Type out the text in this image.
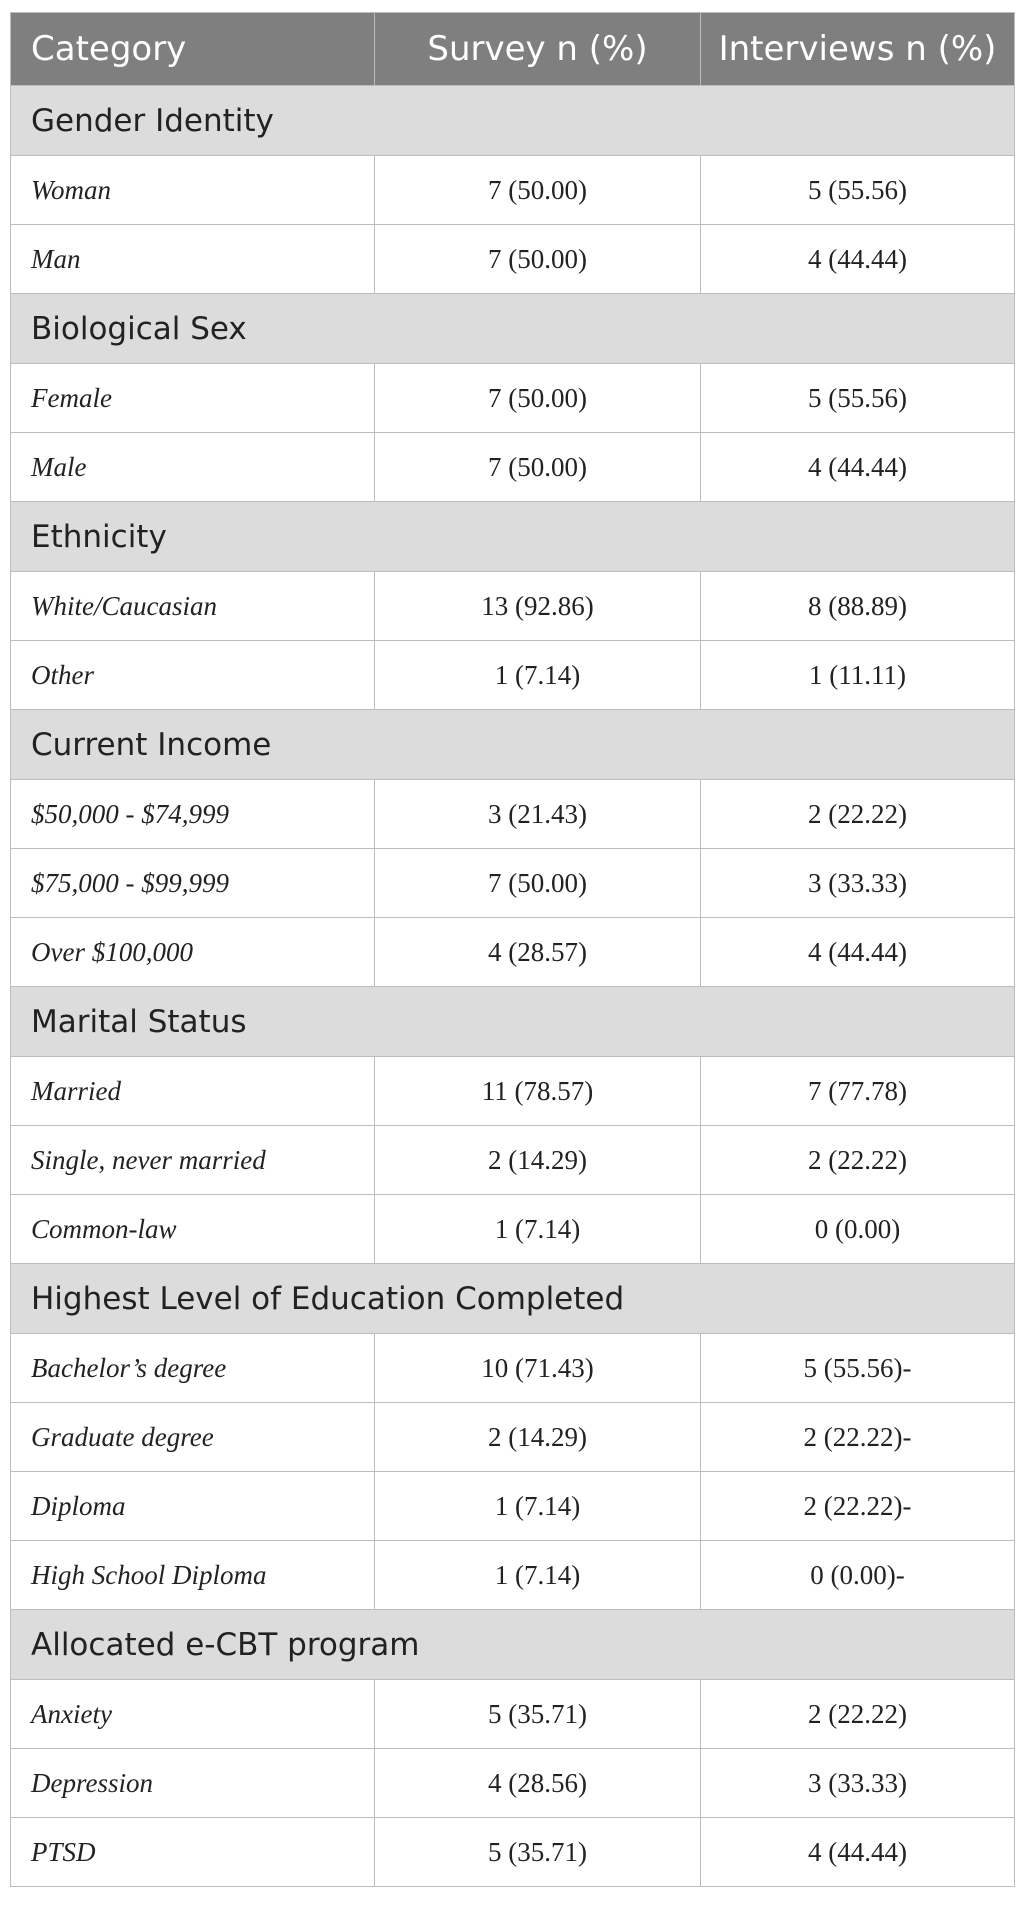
Category	Survey n (%)	Interviews n (%)
Gender Identity		
Woman	7 (50.00)	5 (55.56)
Man	7 (50.00)	4 (44.44)
Biological Sex		
Female	7 (50.00)	5 (55.56)
Male	7 (50.00)	4 (44.44)
Ethnicity		
White/Caucasian	13 (92.86)	8 (88.89)
Other	1 (7.14)	1 (11.11)
Current Income		
$50,000 - $74,999	3 (21.43)	2 (22.22)
$75,000 - $99,999	7 (50.00)	3 (33.33)
Over $100,000	4 (28.57)	4 (44.44)
Marital Status		
Married	11 (78.57)	7 (77.78)
Single, never married	2 (14.29)	2 (22.22)
Common-law	1 (7.14)	0 (0.00)
Highest Level of Education Completed		
Bachelor’s degree	10 (71.43)	5 (55.56)-
Graduate degree	2 (14.29)	2 (22.22)-
Diploma	1 (7.14)	2 (22.22)-
High School Diploma	1 (7.14)	0 (0.00)-
Allocated e-CBT program		
Anxiety	5 (35.71)	2 (22.22)
Depression	4 (28.56)	3 (33.33)
PTSD	5 (35.71)	4 (44.44)
